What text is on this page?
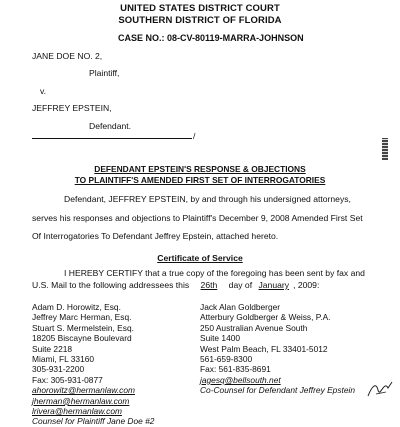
UNITED STATES DISTRICT COURT
SOUTHERN DISTRICT OF FLORIDA
CASE NO.: 08-CV-80119-MARRA-JOHNSON
JANE DOE NO. 2,
Plaintiff,
v.
JEFFREY EPSTEIN,
Defendant.
/
DEFENDANT EPSTEIN'S RESPONSE & OBJECTIONS
TO PLAINTIFF'S AMENDED FIRST SET OF INTERROGATORIES
Defendant, JEFFREY EPSTEIN, by and through his undersigned attorneys,
serves his responses and objections to Plaintiff's December 9, 2008 Amended First Set
Of Interrogatories To Defendant Jeffrey Epstein, attached hereto.
Certificate of Service
I HEREBY CERTIFY that a true copy of the foregoing has been sent by fax and
U.S. Mail to the following addressees this 26th day of January , 2009:
Adam D. Horowitz, Esq.
Jeffrey Marc Herman, Esq.
Stuart S. Mermelstein, Esq.
18205 Biscayne Boulevard
Suite 2218
Miami, FL 33160
305-931-2200
Fax: 305-931-0877
ahorowitz@hermanlaw.com
jherman@hermanlaw.com
lrivera@hermanlaw.com
Counsel for Plaintiff Jane Doe #2
Jack Alan Goldberger
Atterbury Goldberger & Weiss, P.A.
250 Australian Avenue South
Suite 1400
West Palm Beach, FL 33401-5012
561-659-8300
Fax: 561-835-8691
jagesq@bellsouth.net
Co-Counsel for Defendant Jeffrey Epstein
